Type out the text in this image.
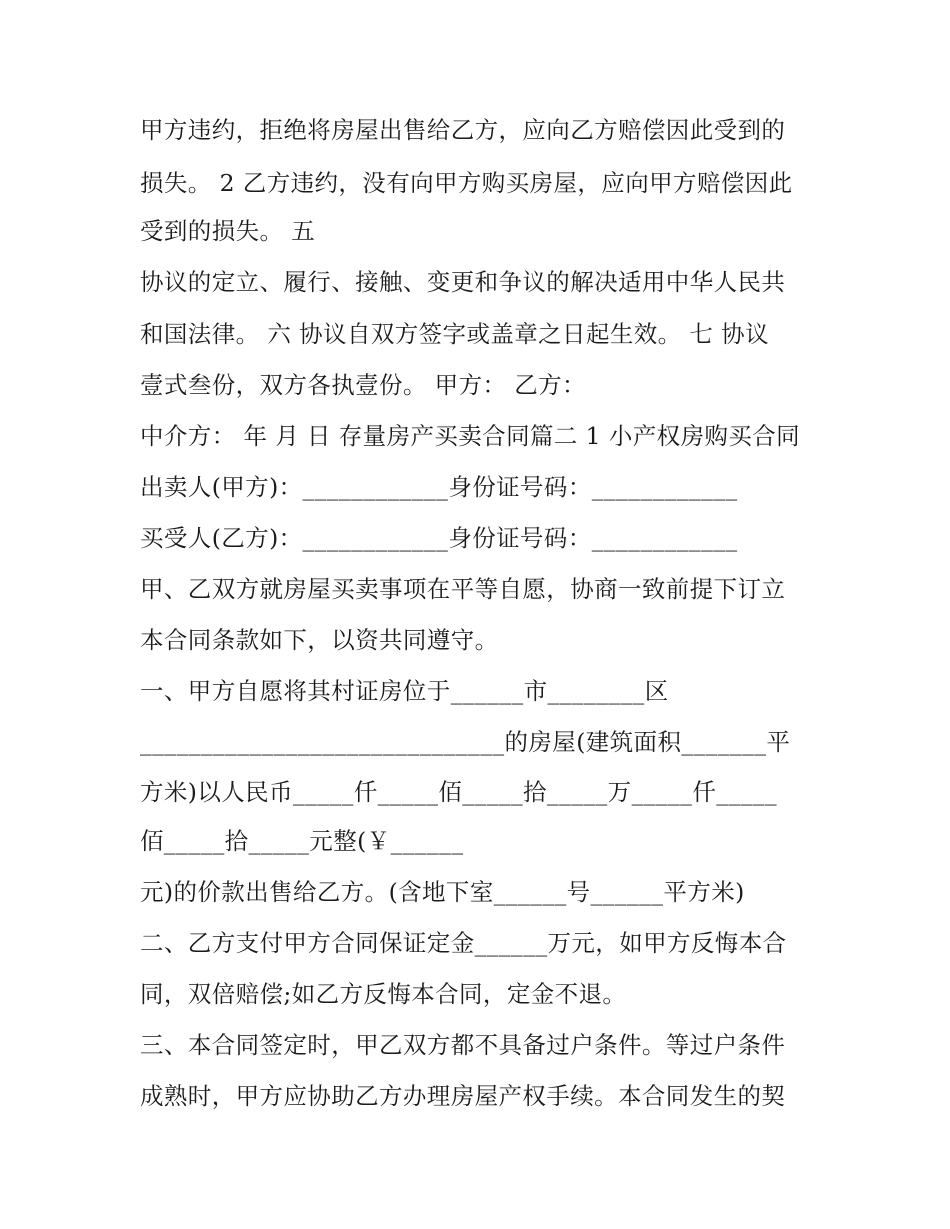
甲方违约，拒绝将房屋出售给乙方，应向乙方赔偿因此受到的
损失。 2 乙方违约，没有向甲方购买房屋，应向甲方赔偿因此
受到的损失。 五
协议的定立、履行、接触、变更和争议的解决适用中华人民共
和国法律。 六 协议自双方签字或盖章之日起生效。 七 协议
壹式叁份，双方各执壹份。 甲方： 乙方：
中介方： 年 月 日 存量房产买卖合同篇二 1 小产权房购买合同
出卖人(甲方)：____________身份证号码：____________
买受人(乙方)：____________身份证号码：____________
甲、乙双方就房屋买卖事项在平等自愿，协商一致前提下订立
本合同条款如下，以资共同遵守。
一、甲方自愿将其村证房位于______市________区
______________________________的房屋(建筑面积_______平
方米)以人民币_____仟_____佰_____拾_____万_____仟_____
佰_____拾_____元整(￥______
元)的价款出售给乙方。(含地下室______号______平方米)
二、乙方支付甲方合同保证定金______万元，如甲方反悔本合
同，双倍赔偿;如乙方反悔本合同，定金不退。
三、本合同签定时，甲乙双方都不具备过户条件。等过户条件
成熟时，甲方应协助乙方办理房屋产权手续。本合同发生的契
